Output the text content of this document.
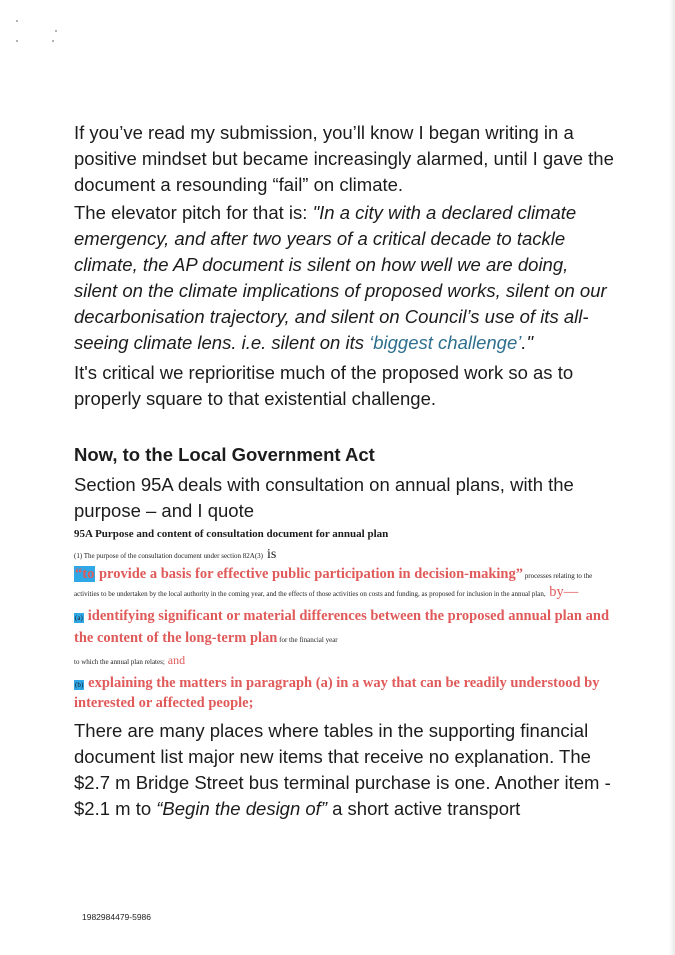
If you’ve read my submission, you’ll know I began writing in a positive mindset but became increasingly alarmed, until I gave the document a resounding “fail” on climate.

The elevator pitch for that is: "In a city with a declared climate emergency, and after two years of a critical decade to tackle climate, the AP document is silent on how well we are doing, silent on the climate implications of proposed works, silent on our decarbonisation trajectory, and silent on Council’s use of its all-seeing climate lens. i.e. silent on its ‘biggest challenge’."

It's critical we reprioritise much of the proposed work so as to properly square to that existential challenge.

Now, to the Local Government Act

Section 95A deals with consultation on annual plans, with the purpose – and I quote

95A Purpose and content of consultation document for annual plan

(1) The purpose of the consultation document under section 82A(3) is

“to provide a basis for effective public participation in decision-making” processes relating to the activities to be undertaken by the local authority in the coming year, and the effects of those activities on costs and funding, as proposed for inclusion in the annual plan, by—

(a) identifying significant or material differences between the proposed annual plan and the content of the long-term plan for the financial year

to which the annual plan relates; and

(b) explaining the matters in paragraph (a) in a way that can be readily understood by interested or affected people;

There are many places where tables in the supporting financial document list major new items that receive no explanation. The $2.7 m Bridge Street bus terminal purchase is one. Another item - $2.1 m to “Begin the design of” a short active transport

1982984479-5986
